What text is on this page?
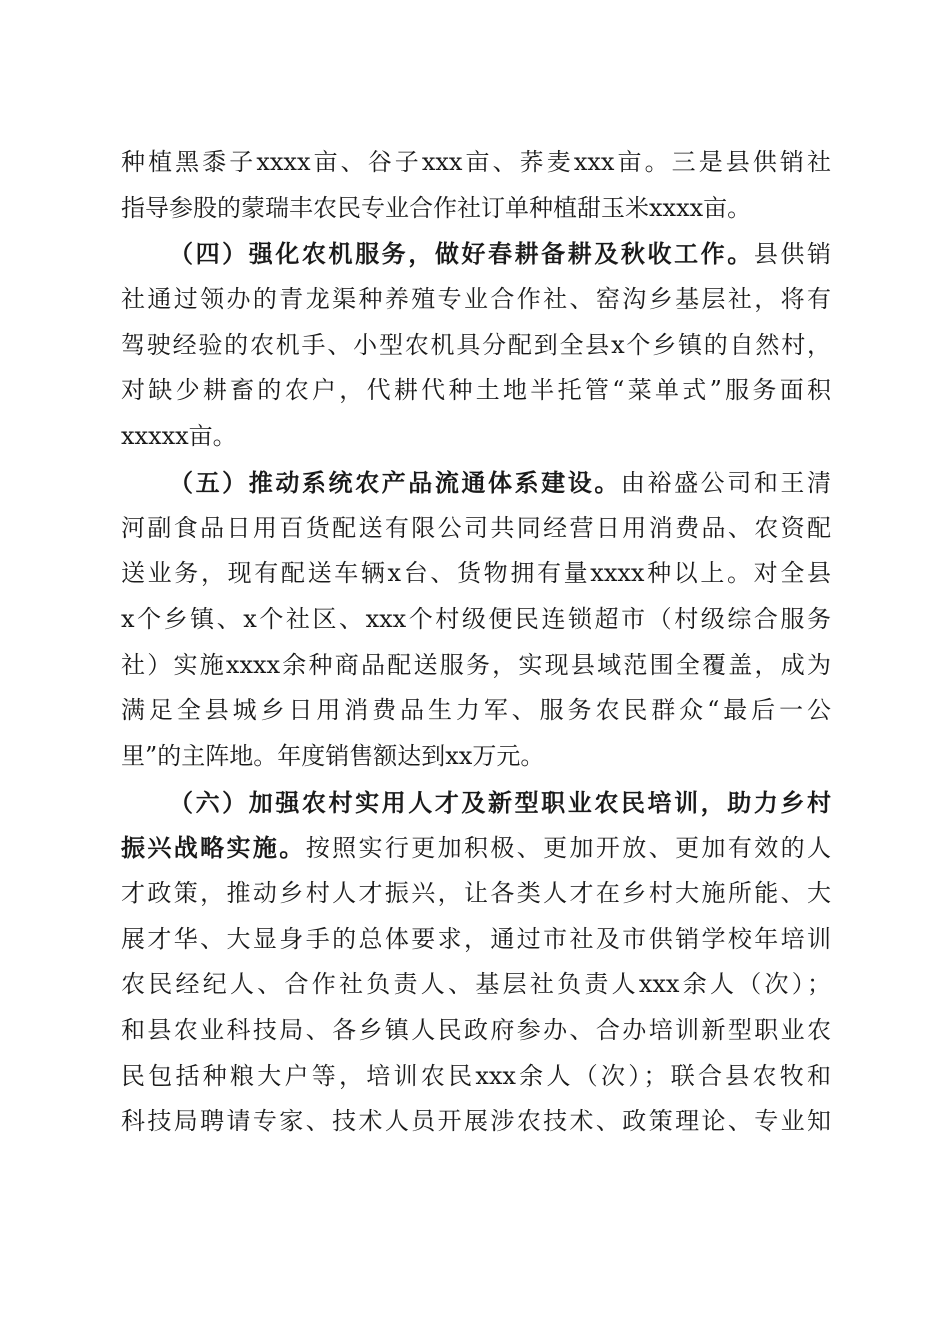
种植黑黍子xxxx亩、谷子xxx亩、荞麦xxx亩。三是县供销社
指导参股的蒙瑞丰农民专业合作社订单种植甜玉米xxxx亩。
（四）强化农机服务，做好春耕备耕及秋收工作。县供销
社通过领办的青龙渠种养殖专业合作社、窑沟乡基层社，将有
驾驶经验的农机手、小型农机具分配到全县x个乡镇的自然村，
对缺少耕畜的农户，代耕代种土地半托管“菜单式”服务面积
xxxxx亩。
（五）推动系统农产品流通体系建设。由裕盛公司和王清
河副食品日用百货配送有限公司共同经营日用消费品、农资配
送业务，现有配送车辆x台、货物拥有量xxxx种以上。对全县
x个乡镇、x个社区、xxx个村级便民连锁超市（村级综合服务
社）实施xxxx余种商品配送服务，实现县域范围全覆盖，成为
满足全县城乡日用消费品生力军、服务农民群众“最后一公
里”的主阵地。年度销售额达到xx万元。
（六）加强农村实用人才及新型职业农民培训，助力乡村
振兴战略实施。按照实行更加积极、更加开放、更加有效的人
才政策，推动乡村人才振兴，让各类人才在乡村大施所能、大
展才华、大显身手的总体要求，通过市社及市供销学校年培训
农民经纪人、合作社负责人、基层社负责人xxx余人（次）；
和县农业科技局、各乡镇人民政府参办、合办培训新型职业农
民包括种粮大户等，培训农民xxx余人（次）；联合县农牧和
科技局聘请专家、技术人员开展涉农技术、政策理论、专业知
